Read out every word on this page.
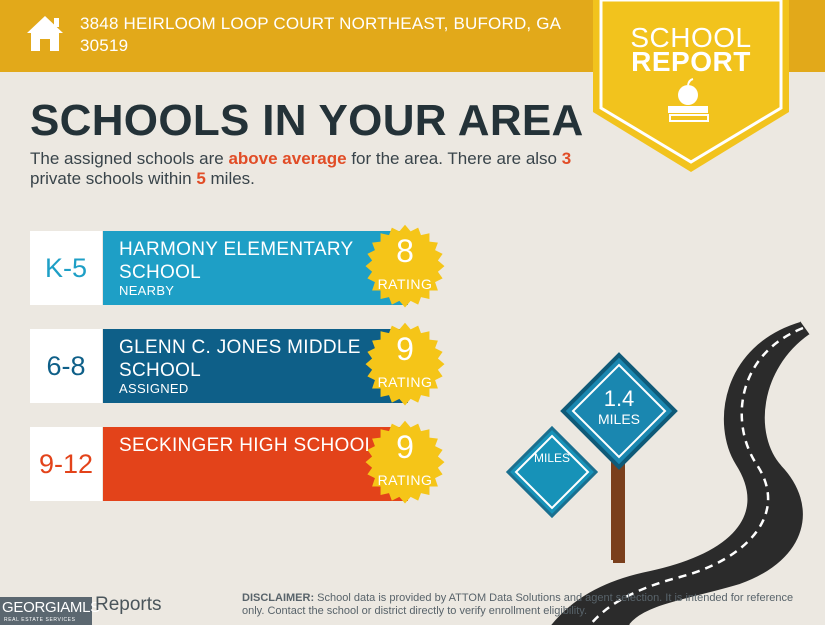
3848 HEIRLOOM LOOP COURT NORTHEAST, BUFORD, GA 30519	SCHOOL
REPORT
SCHOOLS IN YOUR AREA
The assigned schools are above average for the area. There are also 3 private schools within 5 miles.
K-5
HARMONY ELEMENTARY SCHOOL
NEARBY
8
RATING
6-8
GLENN C. JONES MIDDLE SCHOOL
ASSIGNED
9
RATING
9-12
SECKINGER HIGH SCHOOL 9
RATING
MILES
1.4
MILES
GEORGIAMLS
REAL ESTATE SERVICES
Reports	DISCLAIMER: School data is provided by ATTOM Data Solutions and agent selection. It is intended for reference only. Contact the school or district directly to verify enrollment eligibility.
